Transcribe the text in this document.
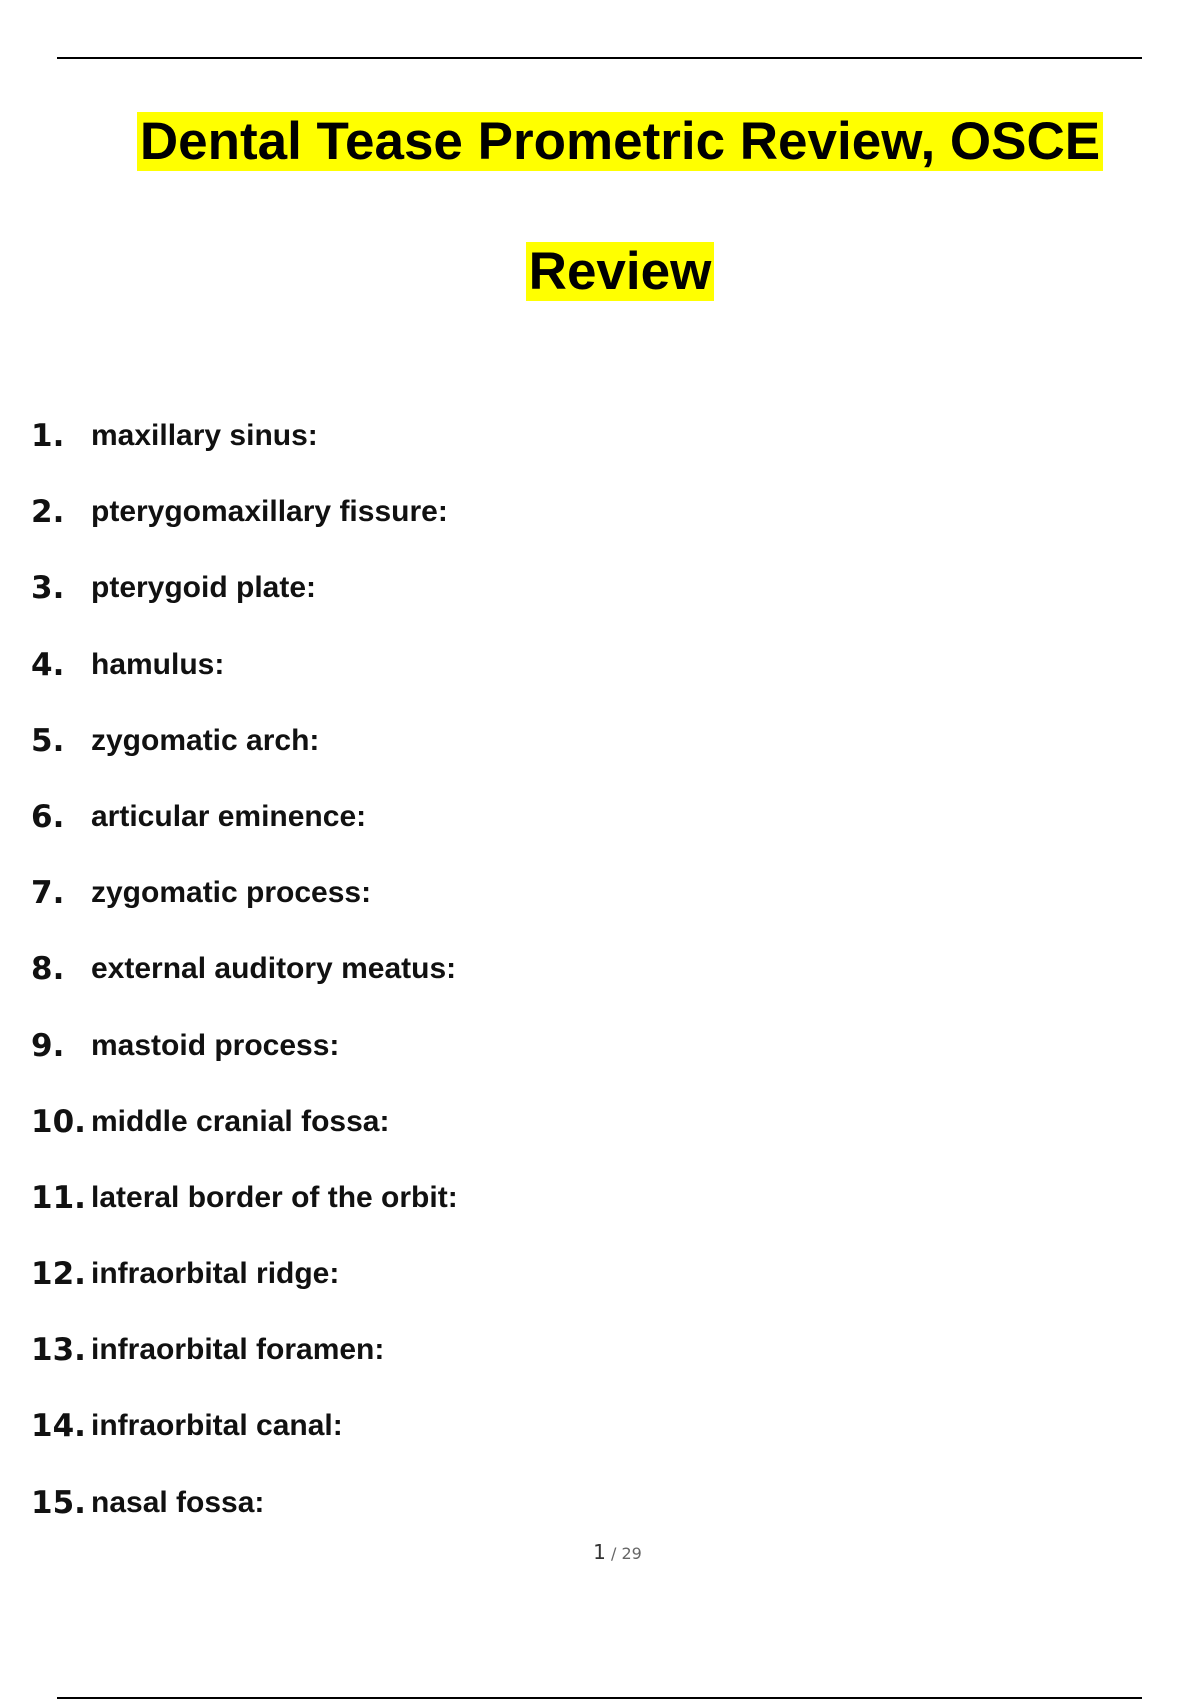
Dental Tease Prometric Review, OSCE
Review
1. maxillary sinus:
2. pterygomaxillary fissure:
3. pterygoid plate:
4. hamulus:
5. zygomatic arch:
6. articular eminence:
7. zygomatic process:
8. external auditory meatus:
9. mastoid process:
10. middle cranial fossa:
11. lateral border of the orbit:
12. infraorbital ridge:
13. infraorbital foramen:
14. infraorbital canal:
15. nasal fossa:
1 / 29
